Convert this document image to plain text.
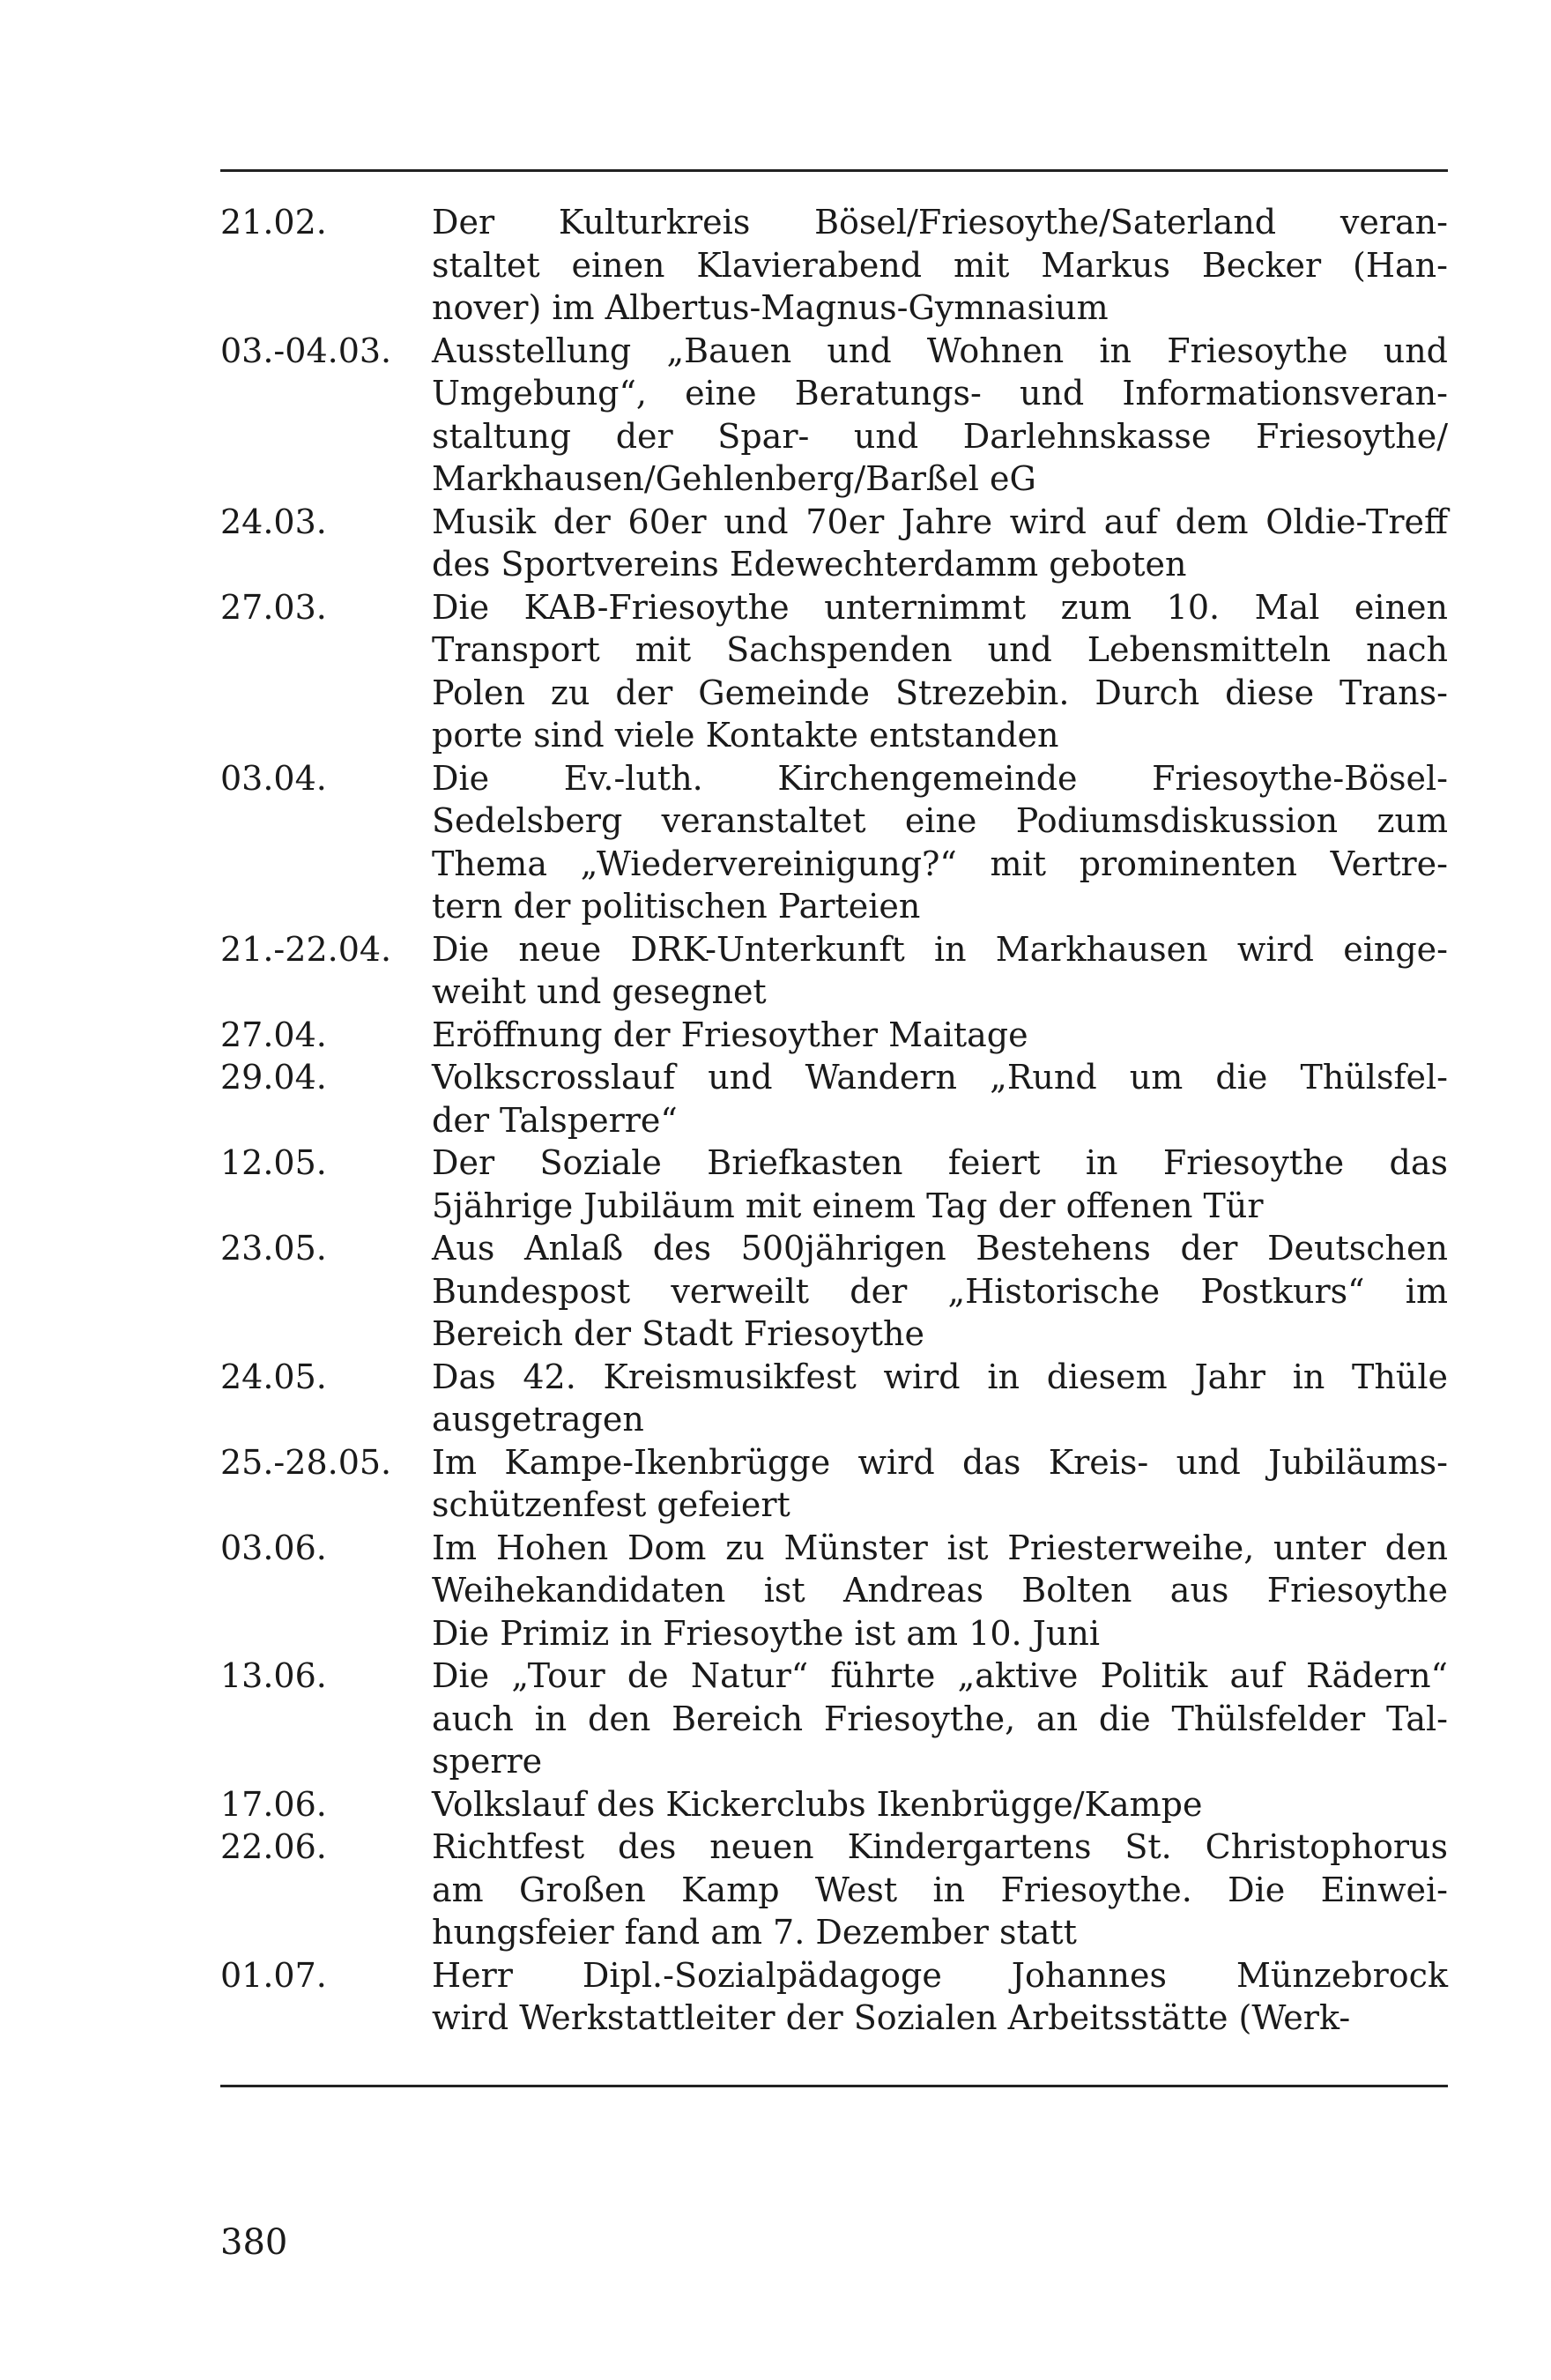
21.02.	Der Kulturkreis Bösel/Friesoythe/Saterland veran-
staltet einen Klavierabend mit Markus Becker (Han-
nover) im Albertus-Magnus-Gymnasium
03.-04.03.	Ausstellung „Bauen und Wohnen in Friesoythe und
Umgebung“, eine Beratungs- und Informationsveran-
staltung der Spar- und Darlehnskasse Friesoythe/
Markhausen/Gehlenberg/Barßel eG
24.03.	Musik der 60er und 70er Jahre wird auf dem Oldie-Treff
des Sportvereins Edewechterdamm geboten
27.03.	Die KAB-Friesoythe unternimmt zum 10. Mal einen
Transport mit Sachspenden und Lebensmitteln nach
Polen zu der Gemeinde Strezebin. Durch diese Trans-
porte sind viele Kontakte entstanden
03.04.	Die Ev.-luth. Kirchengemeinde Friesoythe-Bösel-
Sedelsberg veranstaltet eine Podiumsdiskussion zum
Thema „Wiedervereinigung?“ mit prominenten Vertre-
tern der politischen Parteien
21.-22.04.	Die neue DRK-Unterkunft in Markhausen wird einge-
weiht und gesegnet
27.04.	Eröffnung der Friesoyther Maitage
29.04.	Volkscrosslauf und Wandern „Rund um die Thülsfel-
der Talsperre“
12.05.	Der Soziale Briefkasten feiert in Friesoythe das
5jährige Jubiläum mit einem Tag der offenen Tür
23.05.	Aus Anlaß des 500jährigen Bestehens der Deutschen
Bundespost verweilt der „Historische Postkurs“ im
Bereich der Stadt Friesoythe
24.05.	Das 42. Kreismusikfest wird in diesem Jahr in Thüle
ausgetragen
25.-28.05.	Im Kampe-Ikenbrügge wird das Kreis- und Jubiläums-
schützenfest gefeiert
03.06.	Im Hohen Dom zu Münster ist Priesterweihe, unter den
Weihekandidaten ist Andreas Bolten aus Friesoythe
Die Primiz in Friesoythe ist am 10. Juni
13.06.	Die „Tour de Natur“ führte „aktive Politik auf Rädern“
auch in den Bereich Friesoythe, an die Thülsfelder Tal-
sperre
17.06.	Volkslauf des Kickerclubs Ikenbrügge/Kampe
22.06.	Richtfest des neuen Kindergartens St. Christophorus
am Großen Kamp West in Friesoythe. Die Einwei-
hungsfeier fand am 7. Dezember statt
01.07.	Herr Dipl.-Sozialpädagoge Johannes Münzebrock
wird Werkstattleiter der Sozialen Arbeitsstätte (Werk-
380
